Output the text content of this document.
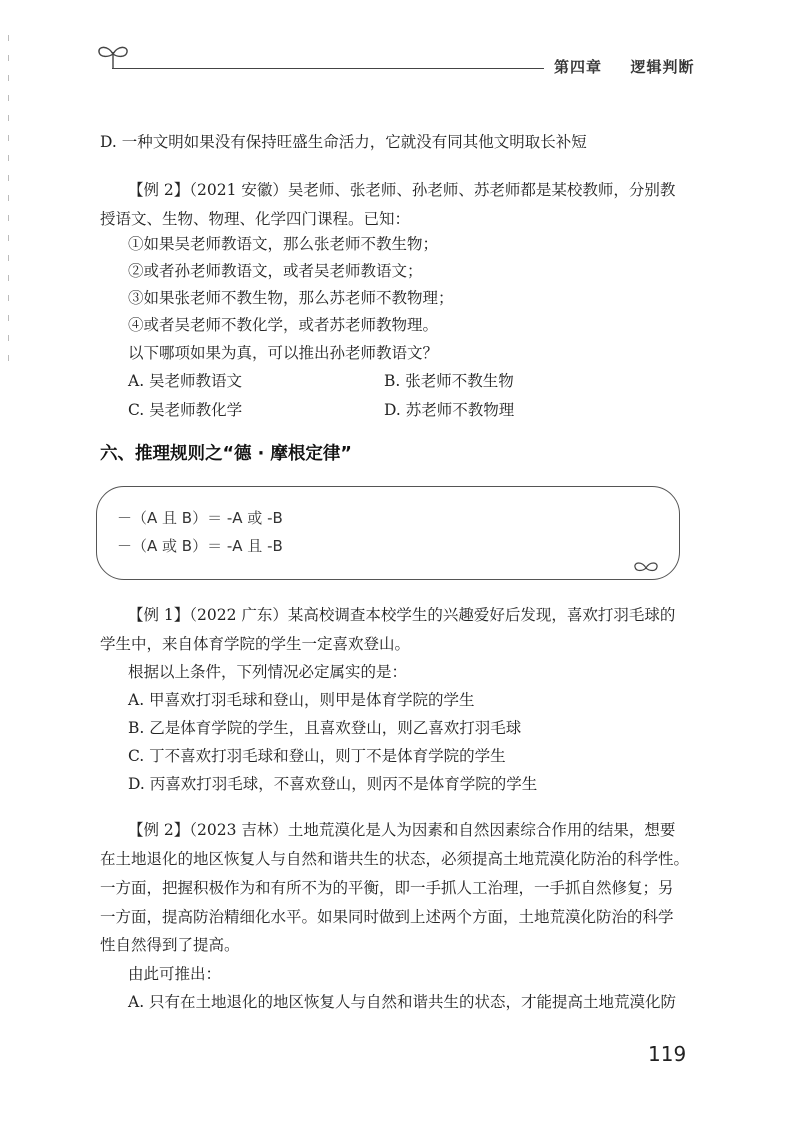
第四章 逻辑判断
D. 一种文明如果没有保持旺盛生命活力，它就没有同其他文明取长补短
【例 2】（2021 安徽）吴老师、张老师、孙老师、苏老师都是某校教师，分别教
授语文、生物、物理、化学四门课程。已知：
①如果吴老师教语文，那么张老师不教生物；
②或者孙老师教语文，或者吴老师教语文；
③如果张老师不教生物，那么苏老师不教物理；
④或者吴老师不教化学，或者苏老师教物理。
以下哪项如果为真，可以推出孙老师教语文？
A. 吴老师教语文	B. 张老师不教生物
C. 吴老师教化学	D. 苏老师不教物理
六、推理规则之“德 · 摩根定律”
－（A 且 B）＝ -A 或 -B
－（A 或 B）＝ -A 且 -B
【例 1】（2022 广东）某高校调查本校学生的兴趣爱好后发现，喜欢打羽毛球的
学生中，来自体育学院的学生一定喜欢登山。
根据以上条件，下列情况必定属实的是：
A. 甲喜欢打羽毛球和登山，则甲是体育学院的学生
B. 乙是体育学院的学生，且喜欢登山，则乙喜欢打羽毛球
C. 丁不喜欢打羽毛球和登山，则丁不是体育学院的学生
D. 丙喜欢打羽毛球，不喜欢登山，则丙不是体育学院的学生
【例 2】（2023 吉林）土地荒漠化是人为因素和自然因素综合作用的结果，想要
在土地退化的地区恢复人与自然和谐共生的状态，必须提高土地荒漠化防治的科学性。
一方面，把握积极作为和有所不为的平衡，即一手抓人工治理，一手抓自然修复；另
一方面，提高防治精细化水平。如果同时做到上述两个方面，土地荒漠化防治的科学
性自然得到了提高。
由此可推出：
A. 只有在土地退化的地区恢复人与自然和谐共生的状态，才能提高土地荒漠化防
119
